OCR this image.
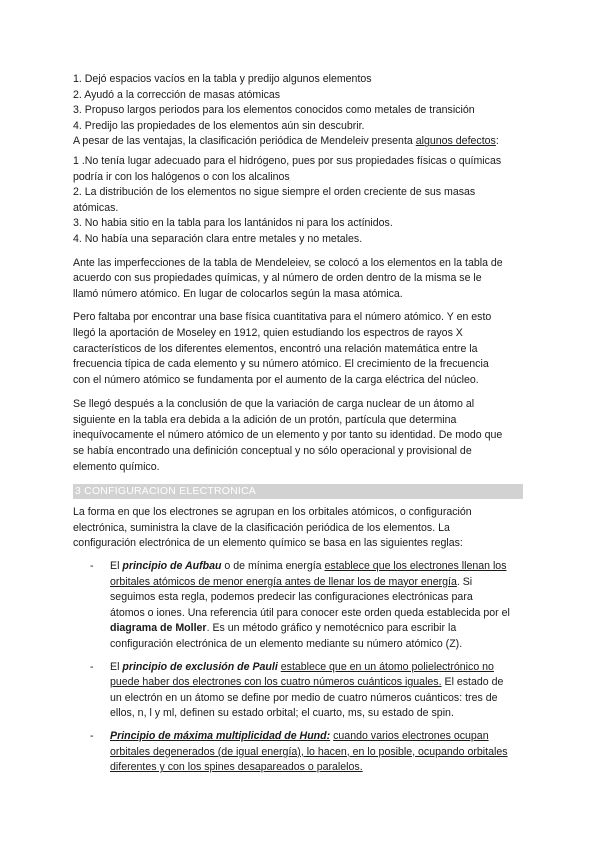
1. Dejó espacios vacíos en la tabla y predijo algunos elementos
2. Ayudó a la corrección de masas atómicas
3. Propuso largos periodos para los elementos conocidos como metales de transición
4. Predijo las propiedades de los elementos aún sin descubrir.
A pesar de las ventajas, la clasificación periódica de Mendeleiv presenta algunos defectos:
1 .No tenía lugar adecuado para el hidrógeno, pues por sus propiedades físicas o químicas
podría ir con los halógenos o con los alcalinos
2. La distribución de los elementos no sigue siempre el orden creciente de sus masas
atómicas.
3. No habia sitio en la tabla para los lantánidos ni para los actínidos.
4. No había una separación clara entre metales y no metales.
Ante las imperfecciones de la tabla de Mendeleiev, se colocó a los elementos en la tabla de
acuerdo con sus propiedades químicas, y al número de orden dentro de la misma se le
llamó número atómico. En lugar de colocarlos según la masa atómica.
Pero faltaba por encontrar una base física cuantitativa para el número atómico. Y en esto
llegó la aportación de Moseley en 1912, quien estudiando los espectros de rayos X
característicos de los diferentes elementos, encontró una relación matemática entre la
frecuencia típica de cada elemento y su número atómico. El crecimiento de la frecuencia
con el número atómico se fundamenta por el aumento de la carga eléctrica del núcleo.
Se llegó después a la conclusión de que la variación de carga nuclear de un átomo al
siguiente en la tabla era debida a la adición de un protón, partícula que determina
inequívocamente el número atómico de un elemento y por tanto su identidad. De modo que
se había encontrado una definición conceptual y no sólo operacional y provisional de
elemento químico.
3 CONFIGURACION ELECTRONICA
La forma en que los electrones se agrupan en los orbitales atómicos, o configuración
electrónica, suministra la clave de la clasificación periódica de los elementos. La
configuración electrónica de un elemento químico se basa en las siguientes reglas:
- El principio de Aufbau o de mínima energía establece que los electrones llenan los
orbitales atómicos de menor energía antes de llenar los de mayor energía. Si
seguimos esta regla, podemos predecir las configuraciones electrónicas para
átomos o iones. Una referencia útil para conocer este orden queda establecida por el
diagrama de Moller. Es un método gráfico y nemotécnico para escribir la
configuración electrónica de un elemento mediante su número atómico (Z).
- El principio de exclusión de Pauli establece que en un átomo polielectrónico no
puede haber dos electrones con los cuatro números cuánticos iguales. El estado de
un electrón en un átomo se define por medio de cuatro números cuánticos: tres de
ellos, n, l y ml, definen su estado orbital; el cuarto, ms, su estado de spin.
- Principio de máxima multiplicidad de Hund: cuando varios electrones ocupan
orbitales degenerados (de igual energía), lo hacen, en lo posible, ocupando orbitales
diferentes y con los spines desapareados o paralelos.
